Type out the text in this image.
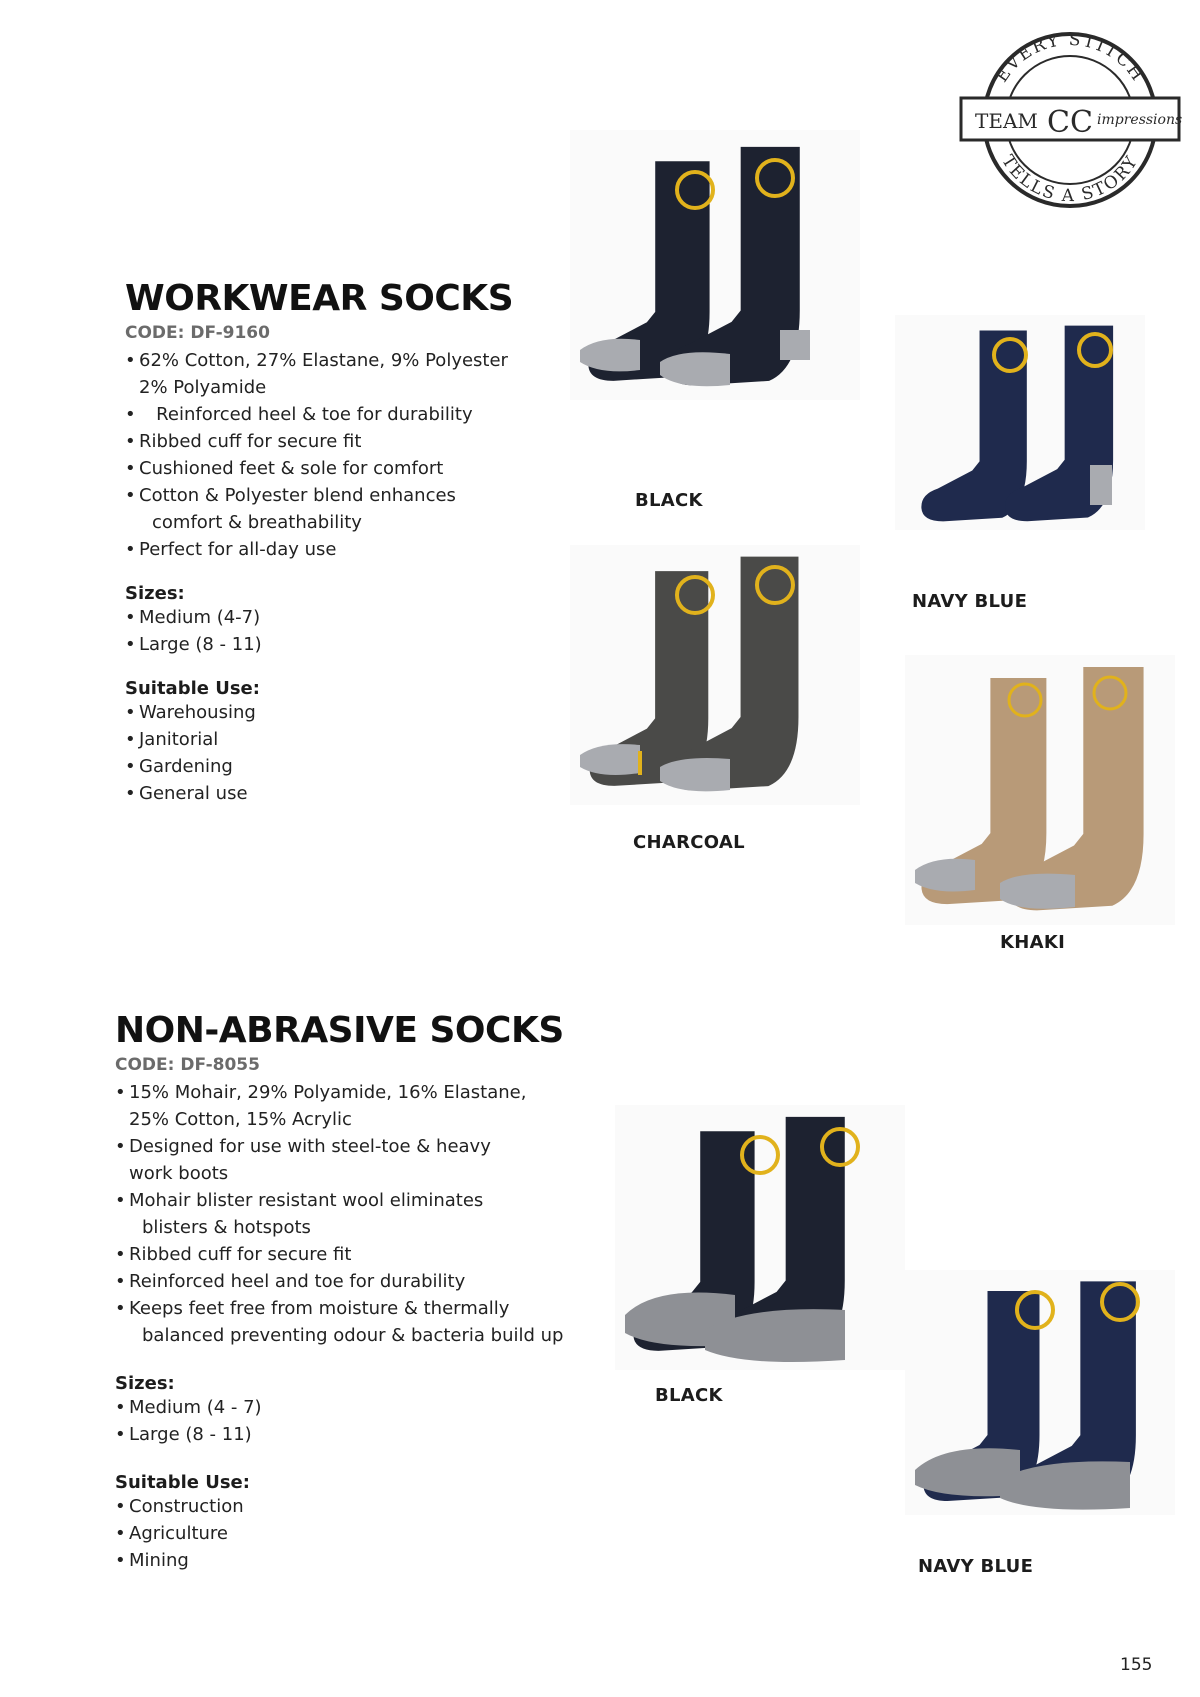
EVERY STITCH
TELLS A STORY
TEAM CC impressions
WORKWEAR SOCKS
CODE: DF-9160
• 62% Cotton, 27% Elastane, 9% Polyester
2% Polyamide
• Reinforced heel & toe for durability
• Ribbed cuff for secure fit
• Cushioned feet & sole for comfort
• Cotton & Polyester blend enhances
comfort & breathability
• Perfect for all-day use
Sizes:
• Medium (4-7)
• Large (8 - 11)
Suitable Use:
• Warehousing
• Janitorial
• Gardening
• General use
BLACK
NAVY BLUE
CHARCOAL
KHAKI
NON-ABRASIVE SOCKS
CODE: DF-8055
• 15% Mohair, 29% Polyamide, 16% Elastane,
25% Cotton, 15% Acrylic
• Designed for use with steel-toe & heavy
work boots
• Mohair blister resistant wool eliminates
blisters & hotspots
• Ribbed cuff for secure fit
• Reinforced heel and toe for durability
• Keeps feet free from moisture & thermally
balanced preventing odour & bacteria build up
Sizes:
• Medium (4 - 7)
• Large (8 - 11)
Suitable Use:
• Construction
• Agriculture
• Mining
BLACK
NAVY BLUE
155
